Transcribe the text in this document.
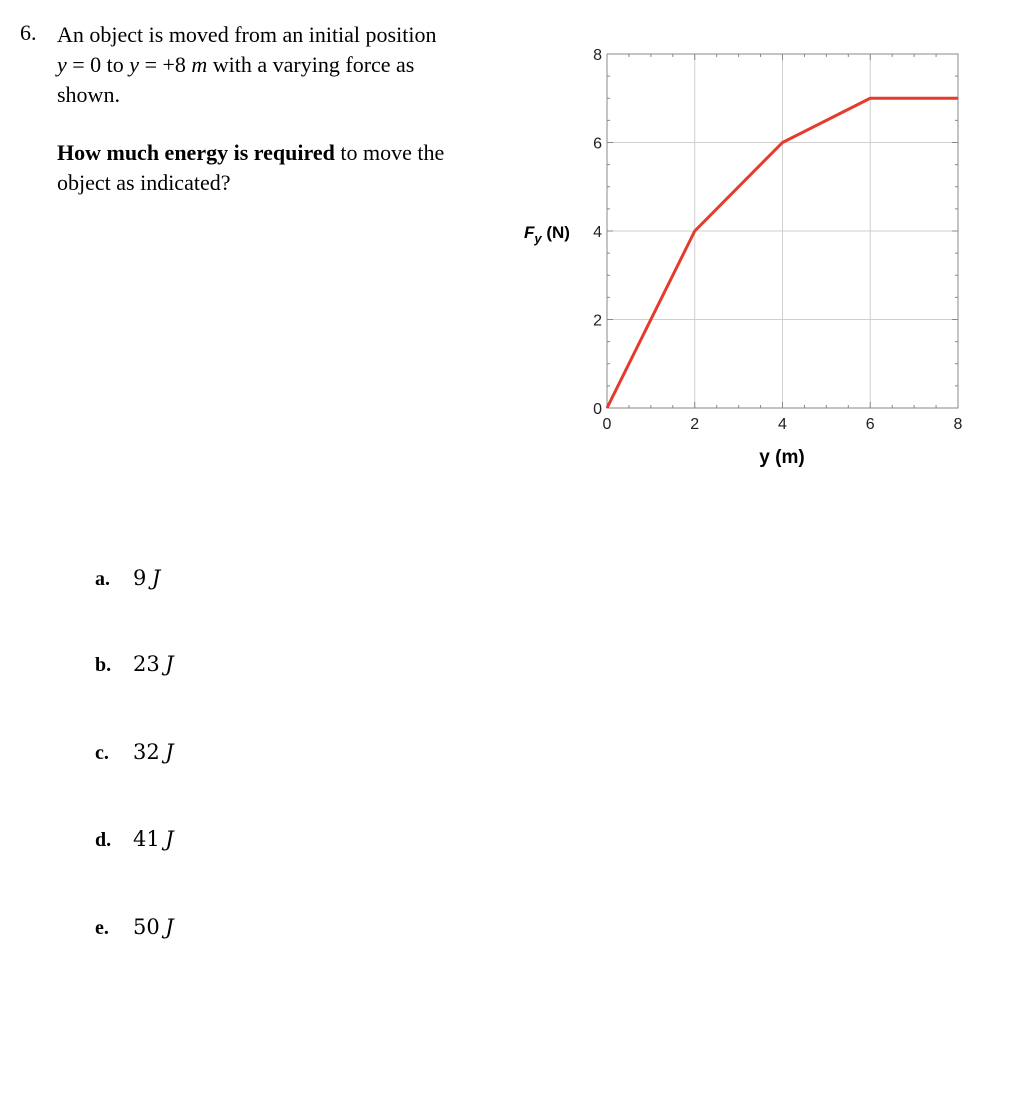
6. An object is moved from an initial position
y = 0 to y = +8 m with a varying force as
shown.
How much energy is required to move the
object as indicated?
0	2	4	6	8
0
2
4
6
8
$F_y$ (N)
y (m)
a. 9 J
b. 23 J
c. 32 J
d. 41 J
e. 50 J
